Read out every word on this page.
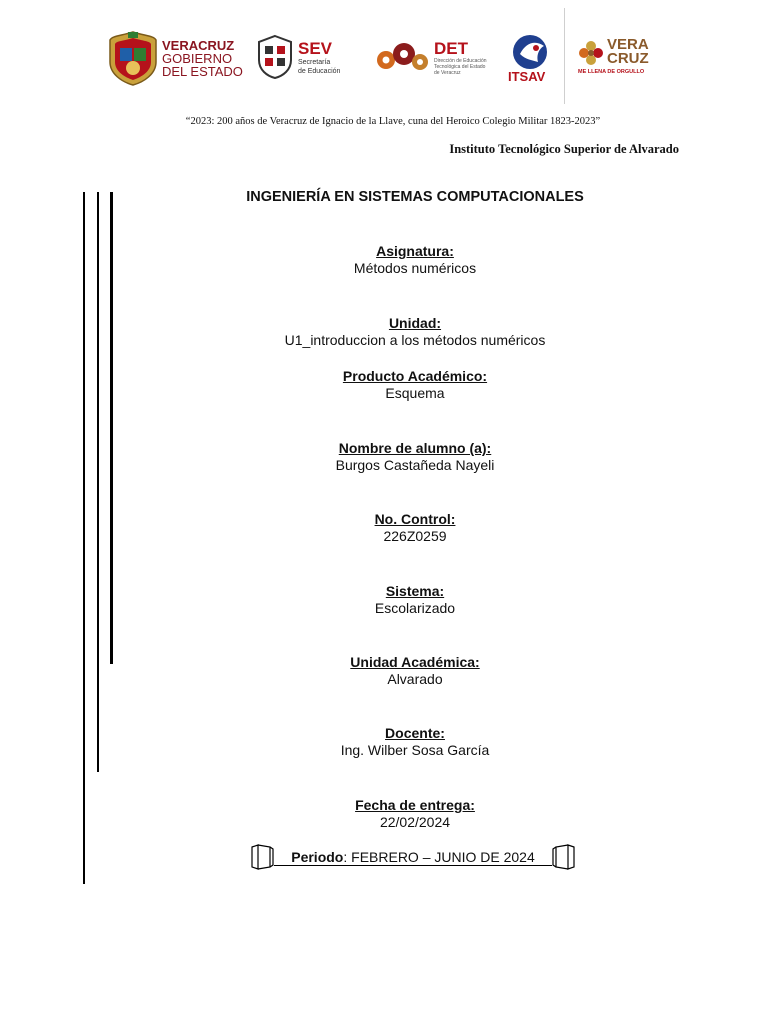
VERACRUZ
GOBIERNO
DEL ESTADO
SEV
Secretaría
de Educación
DET
Dirección de Educación
Tecnológica del Estado
de Veracruz	ITSAV
VERA
CRUZ
ME LLENA DE ORGULLO
“2023: 200 años de Veracruz de Ignacio de la Llave, cuna del Heroico Colegio Militar 1823-2023”
Instituto Tecnológico Superior de Alvarado
INGENIERÍA EN SISTEMAS COMPUTACIONALES
Asignatura:
Métodos numéricos
Unidad:
U1_introduccion a los métodos numéricos
Producto Académico:
Esquema
Nombre de alumno (a):
Burgos Castañeda Nayeli
No. Control:
226Z0259
Sistema:
Escolarizado
Unidad Académica:
Alvarado
Docente:
Ing. Wilber Sosa García
Fecha de entrega:
22/02/2024
Periodo: FEBRERO – JUNIO DE 2024
